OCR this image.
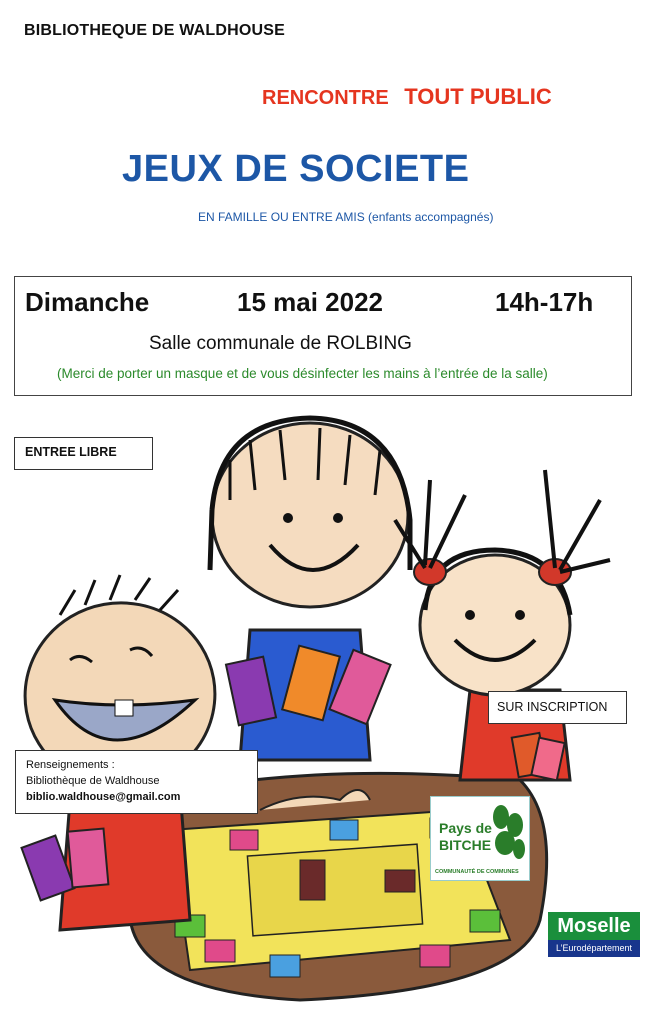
BIBLIOTHEQUE DE WALDHOUSE
RENCONTRE TOUT PUBLIC
JEUX DE SOCIETE
EN FAMILLE OU ENTRE AMIS (enfants accompagnés)
Dimanche	15 mai 2022	14h-17h
Salle communale de ROLBING
(Merci de porter un masque et de vous désinfecter les mains à l’entrée de la salle)
ENTREE LIBRE
SUR INSCRIPTION
Renseignements :
Bibliothèque de Waldhouse
biblio.waldhouse@gmail.com
Pays de
BITCHE
COMMUNAUTÉ DE COMMUNES
Moselle
L’Eurodépartement
